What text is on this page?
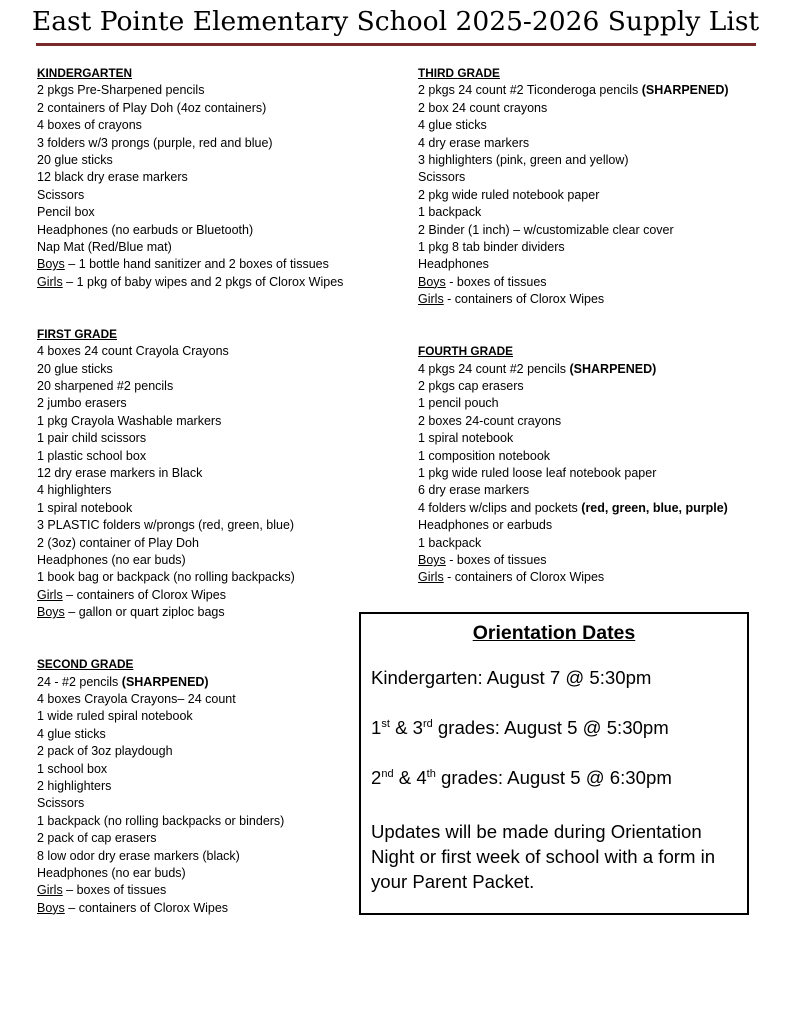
East Pointe Elementary School 2025-2026 Supply List
KINDERGARTEN
2 pkgs Pre-Sharpened pencils
2 containers of Play Doh (4oz containers)
4 boxes of crayons
3 folders w/3 prongs (purple, red and blue)
20 glue sticks
12 black dry erase markers
Scissors
Pencil box
Headphones (no earbuds or Bluetooth)
Nap Mat (Red/Blue mat)
Boys – 1 bottle hand sanitizer and 2 boxes of tissues
Girls – 1 pkg of baby wipes and 2 pkgs of Clorox Wipes
FIRST GRADE
4 boxes 24 count Crayola Crayons
20 glue sticks
20 sharpened #2 pencils
2 jumbo erasers
1 pkg Crayola Washable markers
1 pair child scissors
1 plastic school box
12 dry erase markers in Black
4 highlighters
1 spiral notebook
3 PLASTIC folders w/prongs (red, green, blue)
2 (3oz) container of Play Doh
Headphones (no ear buds)
1 book bag or backpack (no rolling backpacks)
Girls – containers of Clorox Wipes
Boys – gallon or quart ziploc bags
SECOND GRADE
24 - #2 pencils (SHARPENED)
4 boxes Crayola Crayons– 24 count
1 wide ruled spiral notebook
4 glue sticks
2 pack of 3oz playdough
1 school box
2 highlighters
Scissors
1 backpack (no rolling backpacks or binders)
2 pack of cap erasers
8 low odor dry erase markers (black)
Headphones (no ear buds)
Girls – boxes of tissues
Boys – containers of Clorox Wipes
THIRD GRADE
2 pkgs 24 count #2 Ticonderoga pencils (SHARPENED)
2 box 24 count crayons
4 glue sticks
4 dry erase markers
3 highlighters (pink, green and yellow)
Scissors
2 pkg wide ruled notebook paper
1 backpack
2 Binder (1 inch) – w/customizable clear cover
1 pkg 8 tab binder dividers
Headphones
Boys - boxes of tissues
Girls - containers of Clorox Wipes
FOURTH GRADE
4 pkgs 24 count #2 pencils (SHARPENED)
2 pkgs cap erasers
1 pencil pouch
2 boxes 24-count crayons
1 spiral notebook
1 composition notebook
1 pkg wide ruled loose leaf notebook paper
6 dry erase markers
4 folders w/clips and pockets (red, green, blue, purple)
Headphones or earbuds
1 backpack
Boys - boxes of tissues
Girls - containers of Clorox Wipes
Orientation Dates
Kindergarten: August 7 @ 5:30pm
1st & 3rd grades: August 5 @ 5:30pm
2nd & 4th grades: August 5 @ 6:30pm
Updates will be made during Orientation Night or first week of school with a form in your Parent Packet.
